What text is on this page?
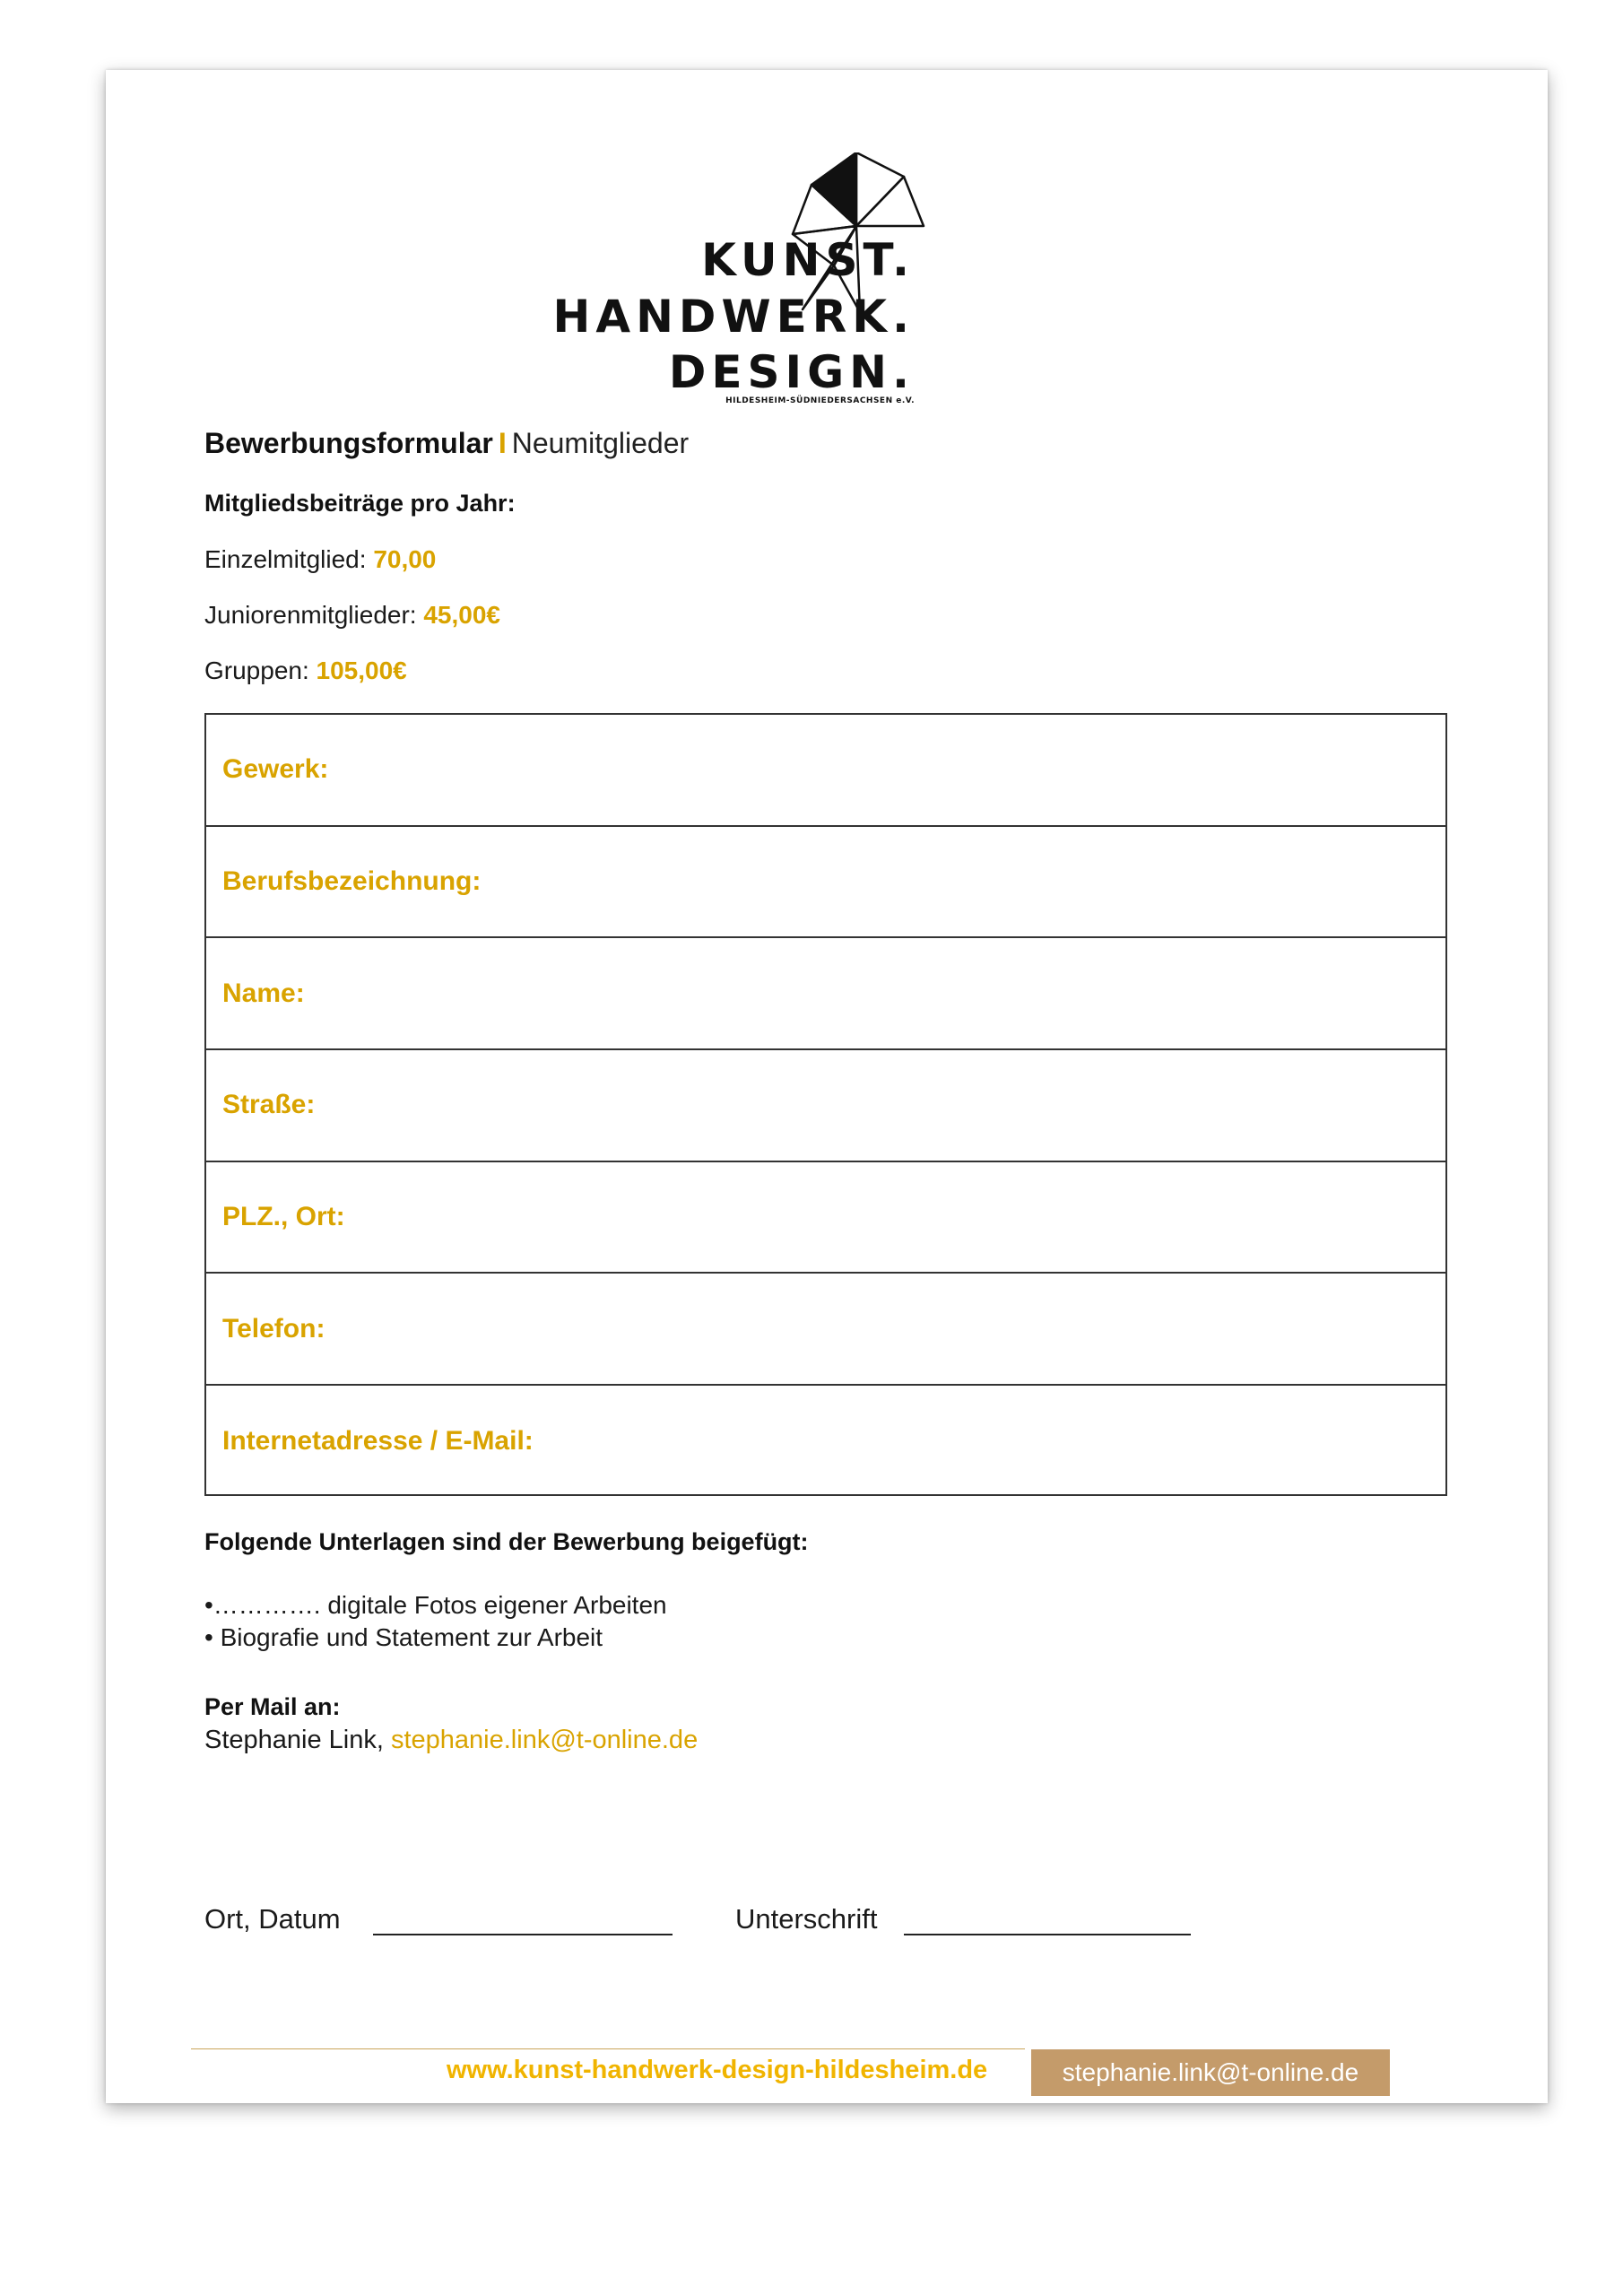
KUNST.
HANDWERK.
DESIGN.
HILDESHEIM-SÜDNIEDERSACHSEN e.V.
Bewerbungsformular I Neumitglieder
Mitgliedsbeiträge pro Jahr:
Einzelmitglied: 70,00
Juniorenmitglieder: 45,00€
Gruppen: 105,00€
Gewerk:
Berufsbezeichnung:
Name:
Straße:
PLZ., Ort:
Telefon:
Internetadresse / E-Mail:
Folgende Unterlagen sind der Bewerbung beigefügt:
•…………. digitale Fotos eigener Arbeiten
• Biografie und Statement zur Arbeit
Per Mail an:
Stephanie Link, stephanie.link@t-online.de
Ort, Datum	Unterschrift
www.kunst-handwerk-design-hildesheim.de	stephanie.link@t-online.de
